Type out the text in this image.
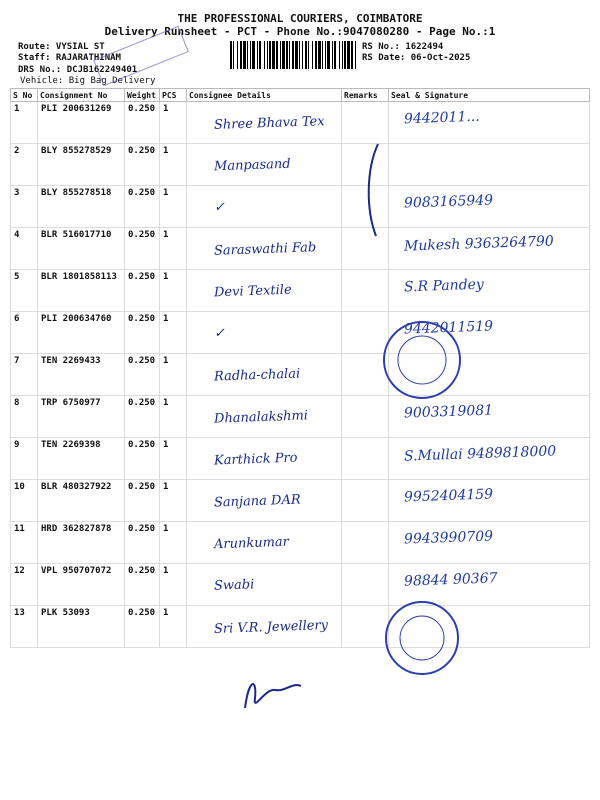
THE PROFESSIONAL COURIERS, COIMBATORE
Delivery Runsheet - PCT - Phone No.:9047080280 - Page No.:1
Route: VYSIAL ST
Staff: RAJARATHINAM
DRS No.: DCJB162249401
Vehicle: Big Bag Delivery
RS No.: 1622494
RS Date: 06-Oct-2025
S No	Consignment No	Weight	PCS	Consignee Details	Remarks	Seal & Signature
1	PLI 200631269	0.250	1	Shree Bhava Tex		9442011...
2	BLY 855278529	0.250	1	Manpasand		
3	BLY 855278518	0.250	1	✓		9083165949
4	BLR 516017710	0.250	1	Saraswathi Fab		Mukesh 9363264790
5	BLR 1801858113	0.250	1	Devi Textile		S.R Pandey
6	PLI 200634760	0.250	1	✓		9442011519
7	TEN 2269433	0.250	1	Radha-chalai		
8	TRP 6750977	0.250	1	Dhanalakshmi		9003319081
9	TEN 2269398	0.250	1	Karthick Pro		S.Mullai 9489818000
10	BLR 480327922	0.250	1	Sanjana DAR		9952404159
11	HRD 362827878	0.250	1	Arunkumar		9943990709
12	VPL 950707072	0.250	1	Swabi		98844 90367
13	PLK 53093	0.250	1	Sri V.R. Jewellery		
